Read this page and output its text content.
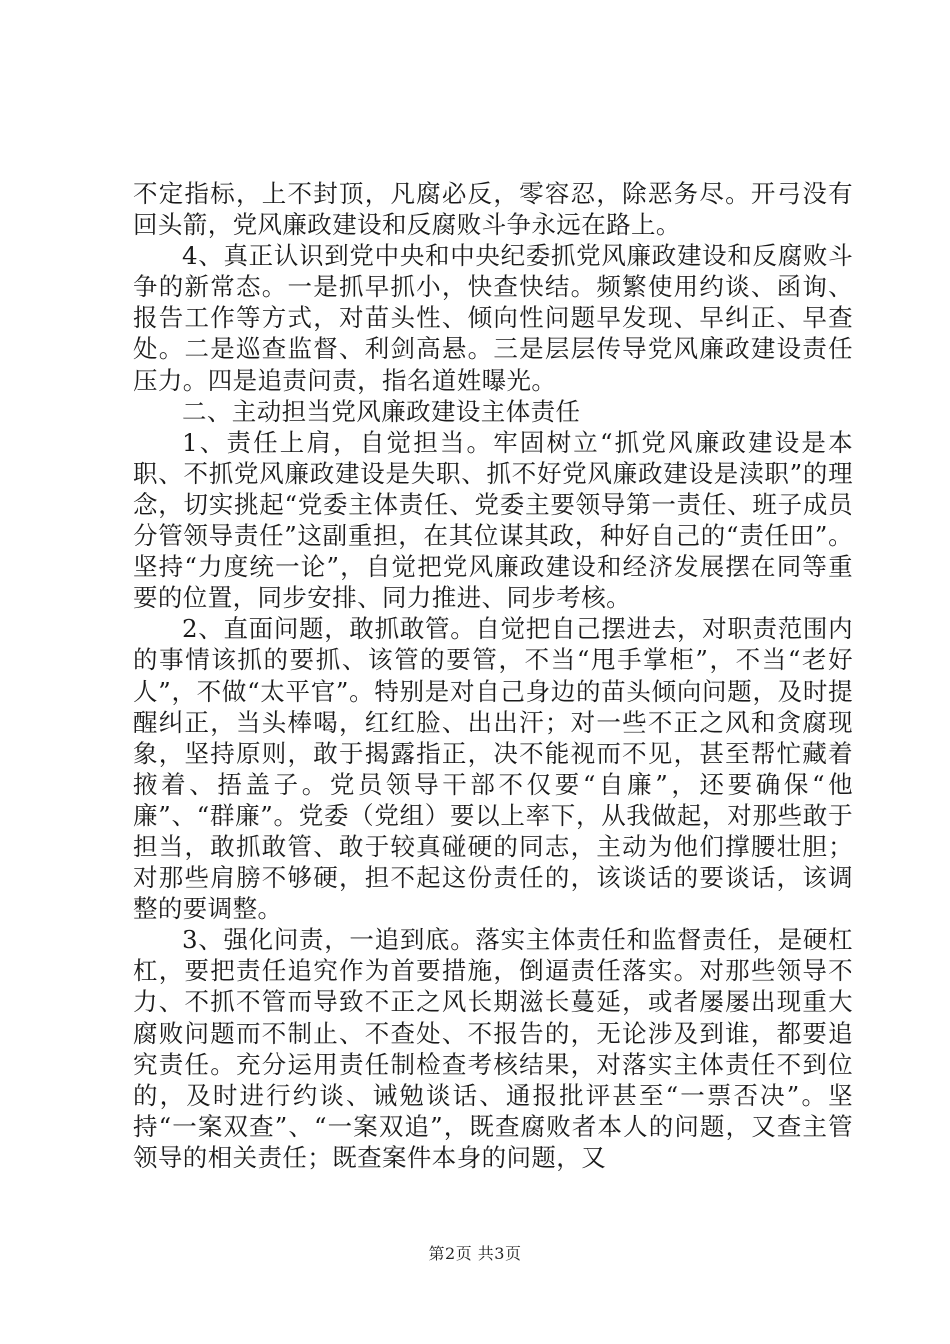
不定指标，上不封顶，凡腐必反，零容忍，除恶务尽。开弓没有回头箭，党风廉政建设和反腐败斗争永远在路上。

4、真正认识到党中央和中央纪委抓党风廉政建设和反腐败斗争的新常态。一是抓早抓小，快查快结。频繁使用约谈、函询、报告工作等方式，对苗头性、倾向性问题早发现、早纠正、早查处。二是巡查监督、利剑高悬。三是层层传导党风廉政建设责任压力。四是追责问责，指名道姓曝光。

二、主动担当党风廉政建设主体责任

1、责任上肩，自觉担当。牢固树立“抓党风廉政建设是本职、不抓党风廉政建设是失职、抓不好党风廉政建设是渎职”的理念，切实挑起“党委主体责任、党委主要领导第一责任、班子成员分管领导责任”这副重担，在其位谋其政，种好自己的“责任田”。坚持“力度统一论”，自觉把党风廉政建设和经济发展摆在同等重要的位置，同步安排、同力推进、同步考核。

2、直面问题，敢抓敢管。自觉把自己摆进去，对职责范围内的事情该抓的要抓、该管的要管，不当“甩手掌柜”，不当“老好人”，不做“太平官”。特别是对自己身边的苗头倾向问题，及时提醒纠正，当头棒喝，红红脸、出出汗；对一些不正之风和贪腐现象，坚持原则，敢于揭露指正，决不能视而不见，甚至帮忙藏着掖着、捂盖子。党员领导干部不仅要“自廉”，还要确保“他廉”、“群廉”。党委（党组）要以上率下，从我做起，对那些敢于担当，敢抓敢管、敢于较真碰硬的同志，主动为他们撑腰壮胆；对那些肩膀不够硬，担不起这份责任的，该谈话的要谈话，该调整的要调整。

3、强化问责，一追到底。落实主体责任和监督责任，是硬杠杠，要把责任追究作为首要措施，倒逼责任落实。对那些领导不力、不抓不管而导致不正之风长期滋长蔓延，或者屡屡出现重大腐败问题而不制止、不查处、不报告的，无论涉及到谁，都要追究责任。充分运用责任制检查考核结果，对落实主体责任不到位的，及时进行约谈、诫勉谈话、通报批评甚至“一票否决”。坚持“一案双查”、“一案双追”，既查腐败者本人的问题，又查主管领导的相关责任；既查案件本身的问题，又

第2页 共3页
